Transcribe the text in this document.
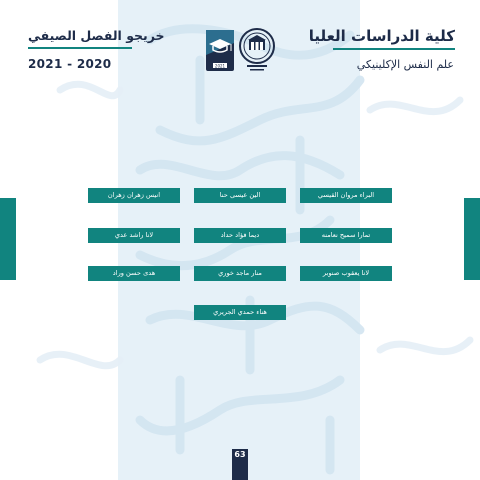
كلية الدراسات العليا
علم النفس الإكلينيكي
خريجو الفصل الصيفي
2021 - 2020	2021
البراء مروان القيسي
الين عيسى حنا
انيس زهران زهران
تمارا سميح نعامنه
ديما فؤاد حداد
لانا راشد عدي
لانا يعقوب صنوبر
منار ماجد خوري
هدى حسن وراد
هناء حمدي الجريري
63
